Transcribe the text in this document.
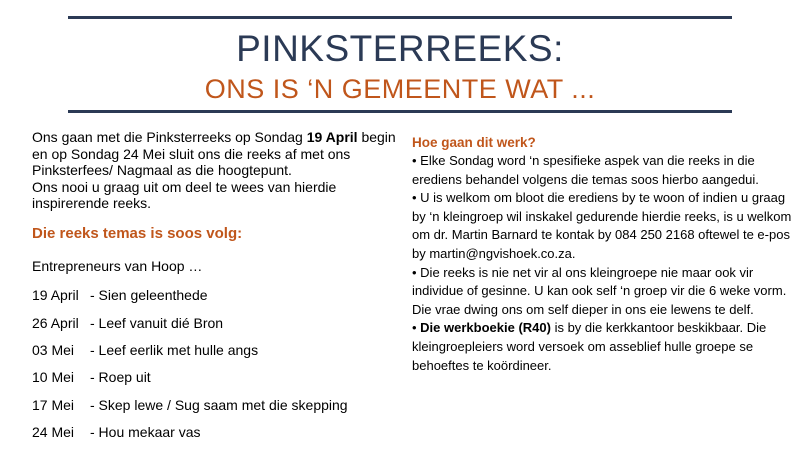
PINKSTERREEKS:
ONS IS ‘N GEMEENTE WAT ...

Ons gaan met die Pinksterreeks op Sondag 19 April begin en op Sondag 24 Mei sluit ons die reeks af met ons Pinksterfees/ Nagmaal as die hoogtepunt.

Ons nooi u graag uit om deel te wees van hierdie inspirerende reeks.

Die reeks temas is soos volg:
Entrepreneurs van Hoop …
19 April - Sien geleenthede
26 April - Leef vanuit dié Bron
03 Mei	- Leef eerlik met hulle angs
10 Mei	- Roep uit
17 Mei	- Skep lewe / Sug saam met die skepping
24 Mei	- Hou mekaar vas
Hoe gaan dit werk?

• Elke Sondag word ‘n spesifieke aspek van die reeks in die erediens behandel volgens die temas soos hierbo aangedui.

• U is welkom om bloot die erediens by te woon of indien u graag by ‘n kleingroep wil inskakel gedurende hierdie reeks, is u welkom om dr. Martin Barnard te kontak by 084 250 2168 oftewel te e-pos by martin@ngvishoek.co.za.

• Die reeks is nie net vir al ons kleingroepe nie maar ook vir individue of gesinne. U kan ook self ‘n groep vir die 6 weke vorm. Die vrae dwing ons om self dieper in ons eie lewens te delf.

• Die werkboekie (R40) is by die kerkkantoor beskikbaar. Die kleingroepleiers word versoek om asseblief hulle groepe se behoeftes te koördineer.
